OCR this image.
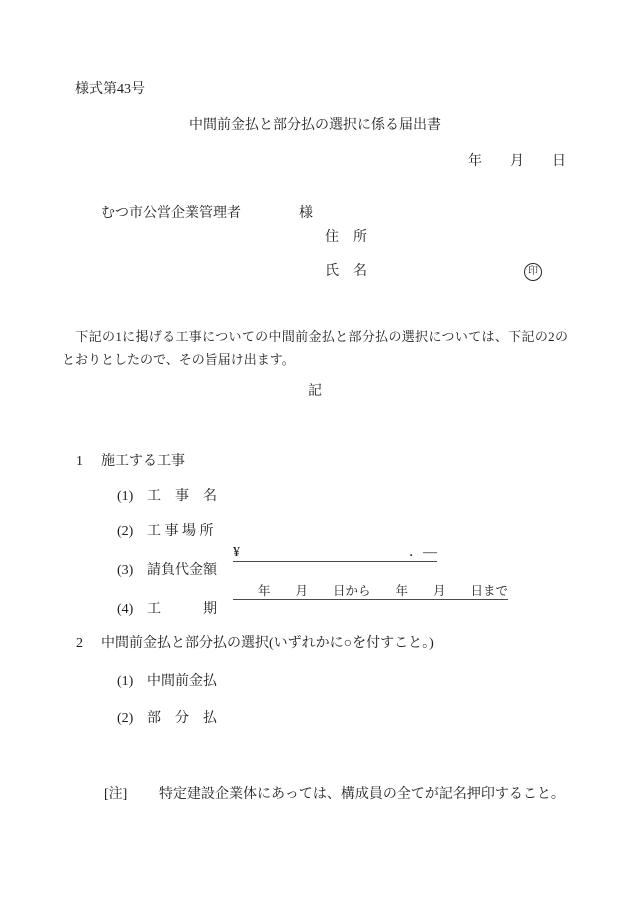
様式第43号
中間前金払と部分払の選択に係る届出書
年　　月　　日

むつ市公営企業管理者	様

住　所
氏　名	印
　下記の1に掲げる工事についての中間前金払と部分払の選択については、下記の2のとおりとしたので、その旨届け出ます。
記

1 施工する工事

(1) 工　事　名

(2) 工 事 場 所

(3) 請負代金額

¥	．―

(4) 工　　　期

　　年　　月　　日から　　年　　月　　日まで

2 中間前金払と部分払の選択(いずれかに○を付すこと。)

(1) 中間前金払

(2) 部　分　払

[注] 特定建設企業体にあっては、構成員の全てが記名押印すること。
